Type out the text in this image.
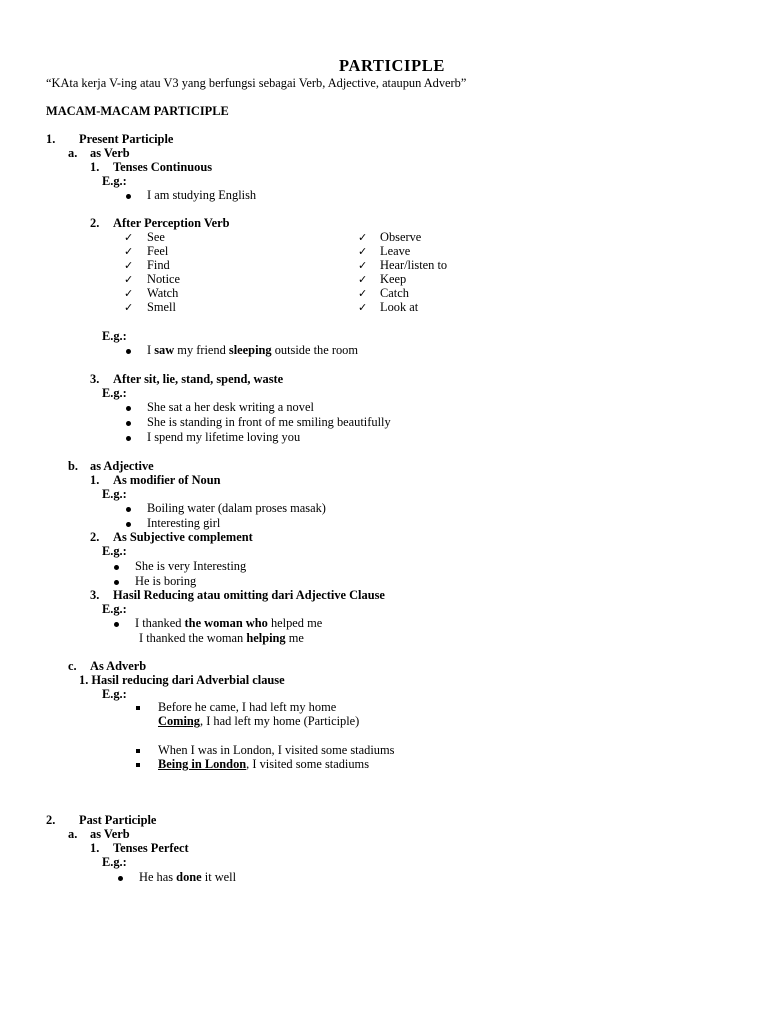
PARTICIPLE
“KAta kerja V-ing atau V3 yang berfungsi sebagai Verb, Adjective, ataupun Adverb”
MACAM-MACAM PARTICIPLE
1. Present Participle
a. as Verb
1. Tenses Continuous
E.g.:
I am studying English
2. After Perception Verb
✓ See
✓ Feel
✓ Find
✓ Notice
✓ Watch
✓ Smell
✓ Observe
✓ Leave
✓ Hear/listen to
✓ Keep
✓ Catch
✓ Look at
E.g.:
I saw my friend sleeping outside the room
3. After sit, lie, stand, spend, waste
E.g.:
She sat a her desk writing a novel
She is standing in front of me smiling beautifully
I spend my lifetime loving you
b. as Adjective
1. As modifier of Noun
E.g.:
Boiling water (dalam proses masak)
Interesting girl
2. As Subjective complement
E.g.:
She is very Interesting
He is boring
3. Hasil Reducing atau omitting dari Adjective Clause
E.g.:
I thanked the woman who helped me
I thanked the woman helping me
c. As Adverb
1. Hasil reducing dari Adverbial clause
E.g.:
Before he came, I had left my home
Coming, I had left my home (Participle)
When I was in London, I visited some stadiums
Being in London, I visited some stadiums
2. Past Participle
a. as Verb
1. Tenses Perfect
E.g.:
He has done it well
